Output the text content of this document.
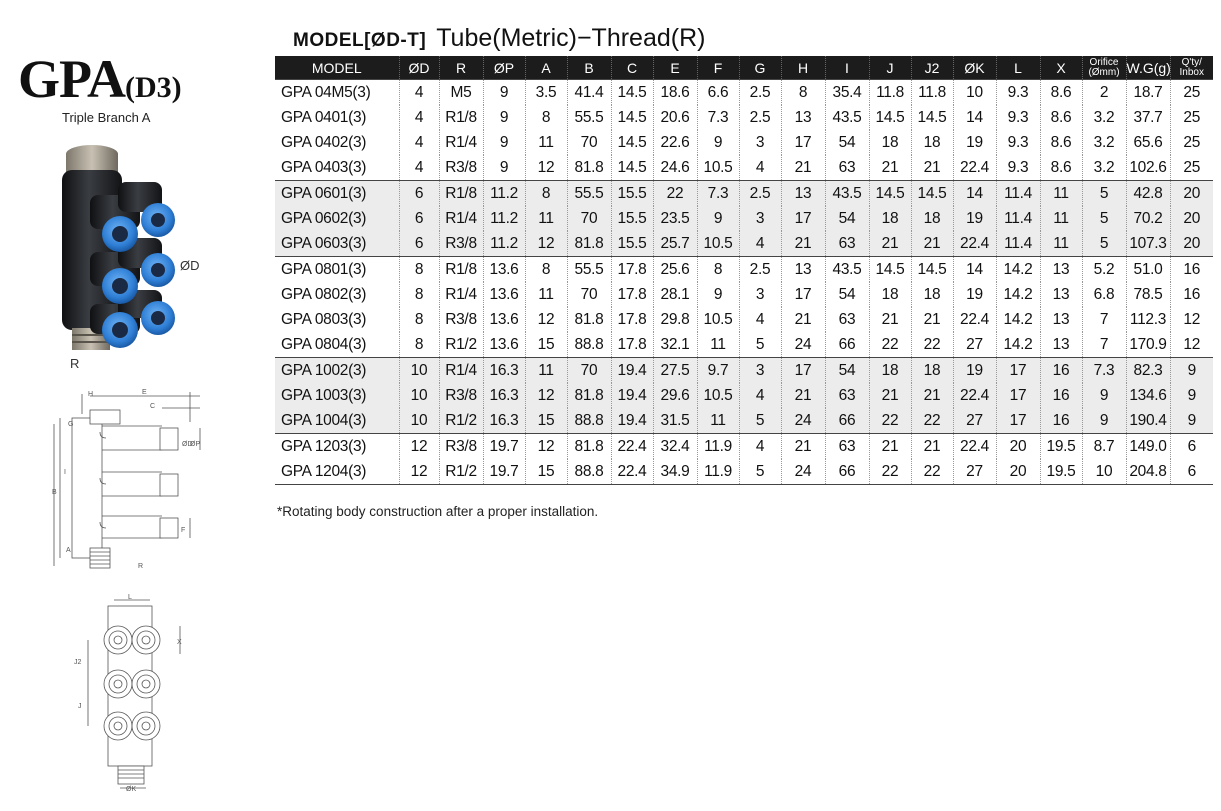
GPA(D3)
Triple Branch A
ØD
R
H
G
E
C
ØD
ØP
I
B
A
F
R
L
X
J2
J
ØK
MODEL[ØD-T] Tube(Metric)−Thread(R)
MODEL	ØD	R	ØP	A	B	C	E	F	G	H	I	J	J2	ØK	L	X	Orifice (Ømm)	W.G(g)	Q'ty/ Inbox
GPA 04M5(3)	4	M5	9	3.5	41.4	14.5	18.6	6.6	2.5	8	35.4	11.8	11.8	10	9.3	8.6	2	18.7	25
GPA 0401(3)	4	R1/8	9	8	55.5	14.5	20.6	7.3	2.5	13	43.5	14.5	14.5	14	9.3	8.6	3.2	37.7	25
GPA 0402(3)	4	R1/4	9	11	70	14.5	22.6	9	3	17	54	18	18	19	9.3	8.6	3.2	65.6	25
GPA 0403(3)	4	R3/8	9	12	81.8	14.5	24.6	10.5	4	21	63	21	21	22.4	9.3	8.6	3.2	102.6	25
GPA 0601(3)	6	R1/8	11.2	8	55.5	15.5	22	7.3	2.5	13	43.5	14.5	14.5	14	11.4	11	5	42.8	20
GPA 0602(3)	6	R1/4	11.2	11	70	15.5	23.5	9	3	17	54	18	18	19	11.4	11	5	70.2	20
GPA 0603(3)	6	R3/8	11.2	12	81.8	15.5	25.7	10.5	4	21	63	21	21	22.4	11.4	11	5	107.3	20
GPA 0801(3)	8	R1/8	13.6	8	55.5	17.8	25.6	8	2.5	13	43.5	14.5	14.5	14	14.2	13	5.2	51.0	16
GPA 0802(3)	8	R1/4	13.6	11	70	17.8	28.1	9	3	17	54	18	18	19	14.2	13	6.8	78.5	16
GPA 0803(3)	8	R3/8	13.6	12	81.8	17.8	29.8	10.5	4	21	63	21	21	22.4	14.2	13	7	112.3	12
GPA 0804(3)	8	R1/2	13.6	15	88.8	17.8	32.1	11	5	24	66	22	22	27	14.2	13	7	170.9	12
GPA 1002(3)	10	R1/4	16.3	11	70	19.4	27.5	9.7	3	17	54	18	18	19	17	16	7.3	82.3	9
GPA 1003(3)	10	R3/8	16.3	12	81.8	19.4	29.6	10.5	4	21	63	21	21	22.4	17	16	9	134.6	9
GPA 1004(3)	10	R1/2	16.3	15	88.8	19.4	31.5	11	5	24	66	22	22	27	17	16	9	190.4	9
GPA 1203(3)	12	R3/8	19.7	12	81.8	22.4	32.4	11.9	4	21	63	21	21	22.4	20	19.5	8.7	149.0	6
GPA 1204(3)	12	R1/2	19.7	15	88.8	22.4	34.9	11.9	5	24	66	22	22	27	20	19.5	10	204.8	6
*Rotating body construction after a proper installation.
